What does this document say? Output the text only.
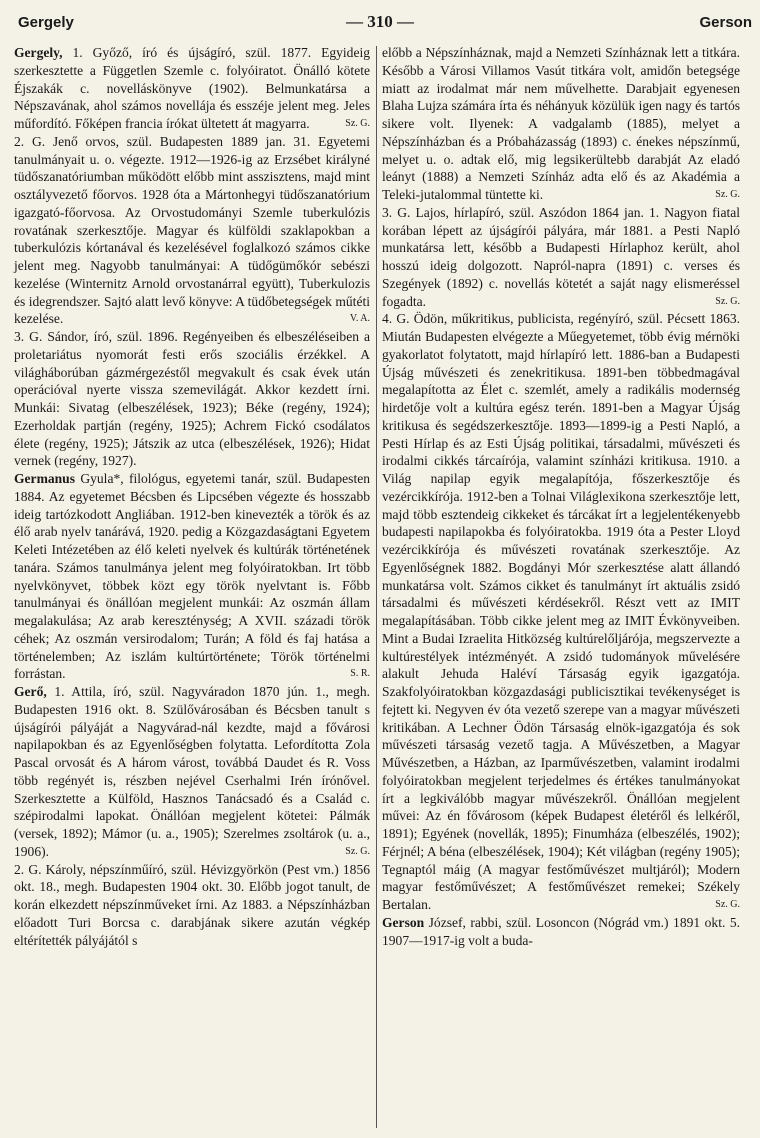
Gergely	— 310 —	Gerson

Gergely, 1. Győző, író és újságíró, szül. 1877. Egyideig szerkesztette a Független Szemle c. folyóiratot. Önálló kötete Éjszakák c. novelláskönyve (1902). Belmunkatársa a Népszavának, ahol számos novellája és esszéje jelent meg. Jeles műfordító. Főképen francia írókat ültetett át magyarra.	Sz. G.

2. G. Jenő orvos, szül. Budapesten 1889 jan. 31. Egyetemi tanulmányait u. o. végezte. 1912—1926-ig az Erzsébet királyné tüdőszanatóriumban működött előbb mint asszisztens, majd mint osztályvezető főorvos. 1928 óta a Mártonhegyi tüdőszanatórium igazgató-főorvosa. Az Orvostudományi Szemle tuberkulózis rovatának szerkesztője. Magyar és külföldi szaklapokban a tuberkulózis kórtanával és kezelésével foglalkozó számos cikke jelent meg. Nagyobb tanulmányai: A tüdőgümőkór sebészi kezelése (Winternitz Arnold orvostanárral együtt), Tuberkulozis és idegrendszer. Sajtó alatt levő könyve: A tüdőbetegségek műtéti kezelése.	V. A.

3. G. Sándor, író, szül. 1896. Regényeiben és elbeszéléseiben a proletariátus nyomorát festi erős szociális érzékkel. A világháborúban gázmérgezéstől megvakult és csak évek után operációval nyerte vissza szemevilágát. Akkor kezdett írni. Munkái: Sivatag (elbeszélések, 1923); Béke (regény, 1924); Ezerholdak partján (regény, 1925); Achrem Fickó csodálatos élete (regény, 1925); Játszik az utca (elbeszélések, 1926); Hidat vernek (regény, 1927).

Germanus Gyula*, filológus, egyetemi tanár, szül. Budapesten 1884. Az egyetemet Bécsben és Lipcsében végezte és hosszabb ideig tartózkodott Angliában. 1912-ben kinevezték a török és az élő arab nyelv tanárává, 1920. pedig a Közgazdaságtani Egyetem Keleti Intézetében az élő keleti nyelvek és kultúrák történetének tanára. Számos tanulmánya jelent meg folyóiratokban. Irt több nyelvkönyvet, többek közt egy török nyelvtant is. Főbb tanulmányai és önállóan megjelent munkái: Az oszmán állam megalakulása; Az arab kereszténység; A XVII. századi török céhek; Az oszmán versirodalom; Turán; A föld és faj hatása a történelemben; Az iszlám kultúrtörténete; Török történelmi forrástan.	S. R.

Gerő, 1. Attila, író, szül. Nagyváradon 1870 jún. 1., megh. Budapesten 1916 okt. 8. Szülővárosában és Bécsben tanult s újságírói pályáját a Nagyvárad-nál kezdte, majd a fővárosi napilapokban és az Egyenlőségben folytatta. Lefordította Zola Pascal orvosát és A három várost, továbbá Daudet és R. Voss több regényét is, részben nejével Cserhalmi Irén írónővel. Szerkesztette a Külföld, Hasznos Tanácsadó és a Család c. szépirodalmi lapokat. Önállóan megjelent kötetei: Pálmák (versek, 1892); Mámor (u. a., 1905); Szerelmes zsoltárok (u. a., 1906).	Sz. G.

2. G. Károly, népszínműíró, szül. Hévizgyörkön (Pest vm.) 1856 okt. 18., megh. Budapesten 1904 okt. 30. Előbb jogot tanult, de korán elkezdett népszínműveket írni. Az 1883. a Népszínházban előadott Turi Borcsa c. darabjának sikere azután végkép eltérítették pályájától s

előbb a Népszínháznak, majd a Nemzeti Színháznak lett a titkára. Később a Városi Villamos Vasút titkára volt, amidőn betegsége miatt az irodalmat már nem művelhette. Darabjait egyenesen Blaha Lujza számára írta és néhányuk közülük igen nagy és tartós sikere volt. Ilyenek: A vadgalamb (1885), melyet a Népszínházban és a Próbaházasság (1893) c. énekes népszínmű, melyet u. o. adtak elő, mig legsikerültebb darabját Az eladó leányt (1888) a Nemzeti Színház adta elő és az Akadémia a Teleki-jutalommal tüntette ki.	Sz. G.

3. G. Lajos, hírlapíró, szül. Aszódon 1864 jan. 1. Nagyon fiatal korában lépett az újságírói pályára, már 1881. a Pesti Napló munkatársa lett, később a Budapesti Hírlaphoz került, ahol hosszú ideig dolgozott. Napról-napra (1891) c. verses és Szegények (1892) c. novellás kötetét a saját nagy elismeréssel fogadta.	Sz. G.

4. G. Ödön, műkritikus, publicista, regényíró, szül. Pécsett 1863. Miután Budapesten elvégezte a Műegyetemet, több évig mérnöki gyakorlatot folytatott, majd hírlapíró lett. 1886-ban a Budapesti Újság művészeti és zenekritikusa. 1891-ben többedmagával megalapította az Élet c. szemlét, amely a radikális modernség hirdetője volt a kultúra egész terén. 1891-ben a Magyar Újság kritikusa és segédszerkesztője. 1893—1899-ig a Pesti Napló, a Pesti Hírlap és az Esti Újság politikai, társadalmi, művészeti és irodalmi cikkés tárcaírója, valamint színházi kritikusa. 1910. a Világ napilap egyik megalapítója, főszerkesztője és vezércikkírója. 1912-ben a Tolnai Világlexikona szerkesztője lett, majd több esztendeig cikkeket és tárcákat írt a legjelentékenyebb budapesti napilapokba és folyóiratokba. 1919 óta a Pester Lloyd vezércikkírója és művészeti rovatának szerkesztője. Az Egyenlőségnek 1882. Bogdányi Mór szerkesztése alatt állandó munkatársa volt. Számos cikket és tanulmányt írt aktuális zsidó társadalmi és művészeti kérdésekről. Részt vett az IMIT megalapításában. Több cikke jelent meg az IMIT Évkönyveiben. Mint a Budai Izraelita Hitközség kultúrelőljárója, megszervezte a kultúrestélyek intézményét. A zsidó tudományok művelésére alakult Jehuda Haléví Társaság egyik igazgatója. Szakfolyóiratokban közgazdasági publicisztikai tevékenységet is fejtett ki. Negyven év óta vezető szerepe van a magyar művészeti kritikában. A Lechner Ödön Társaság elnök-igazgatója és sok művészeti társaság vezető tagja. A Művészetben, a Magyar Művészetben, a Házban, az Iparművészetben, valamint irodalmi folyóiratokban megjelent terjedelmes és értékes tanulmányokat írt a legkiválóbb magyar művészekről. Önállóan megjelent művei: Az én fővárosom (képek Budapest életéről és lelkéről, 1891); Egyének (novellák, 1895); Finumháza (elbeszélés, 1902); Férjnél; A béna (elbeszélések, 1904); Két világban (regény 1905); Tegnaptól máig (A magyar festőművészet multjáról); Modern magyar festőművészet; A festőművészet remekei; Székely Bertalan.	Sz. G.

Gerson József, rabbi, szül. Losoncon (Nógrád vm.) 1891 okt. 5. 1907—1917-ig volt a buda-
